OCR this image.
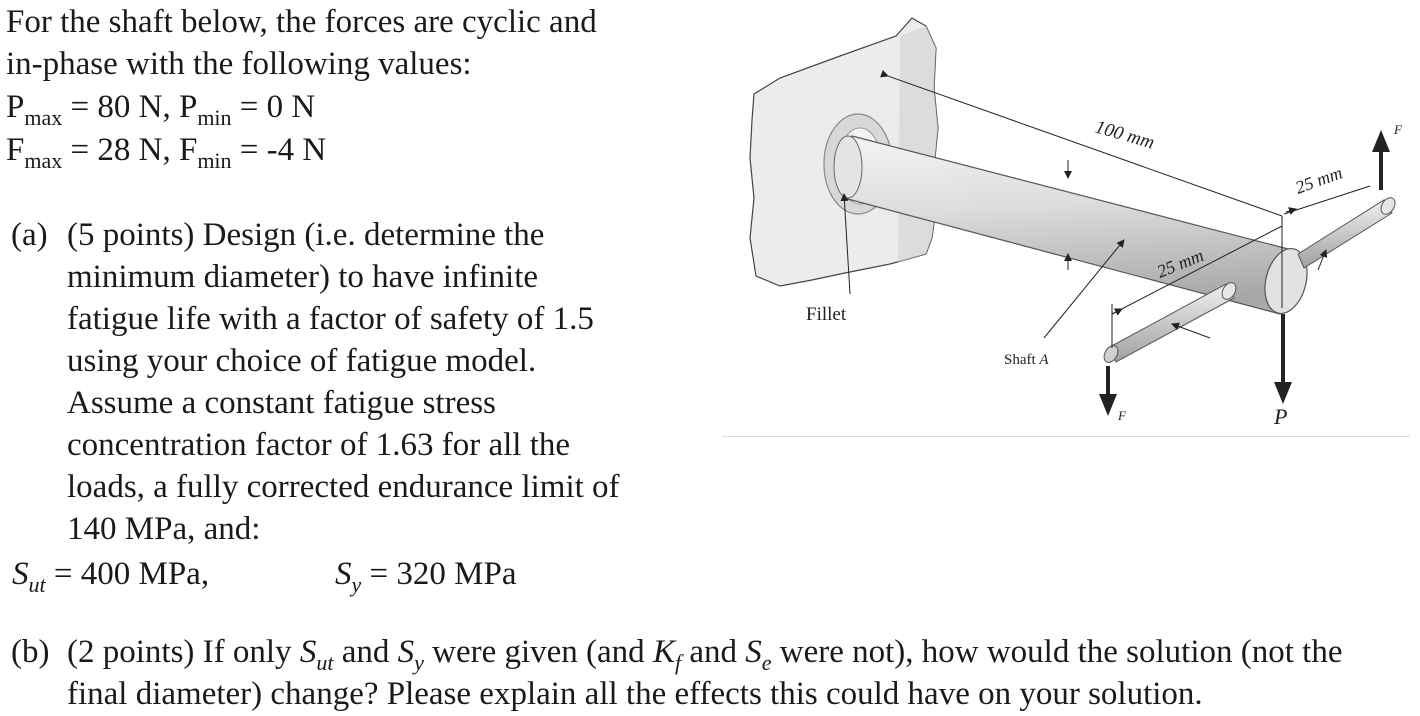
For the shaft below, the forces are cyclic and
in-phase with the following values:
$P_{max} = 80$ N, $P_{min} = 0$ N
$F_{max} = 28$ N, $F_{min} = -4$ N
(a) (5 points) Design (i.e. determine the
minimum diameter) to have infinite
fatigue life with a factor of safety of 1.5
using your choice of fatigue model.
Assume a constant fatigue stress
concentration factor of 1.63 for all the
loads, a fully corrected endurance limit of
140 MPa, and:
$S_{ut} = 400$ MPa,	$S_y = 320$ MPa
(b) (2 points) If only $S_{ut}$ and $S_y$ were given (and $K_f$ and $S_e$ were not), how would the solution (not the
final diameter) change? Please explain all the effects this could have on your solution.
100 mm
25 mm
25 mm
Fillet
Shaft A
F
F	P
